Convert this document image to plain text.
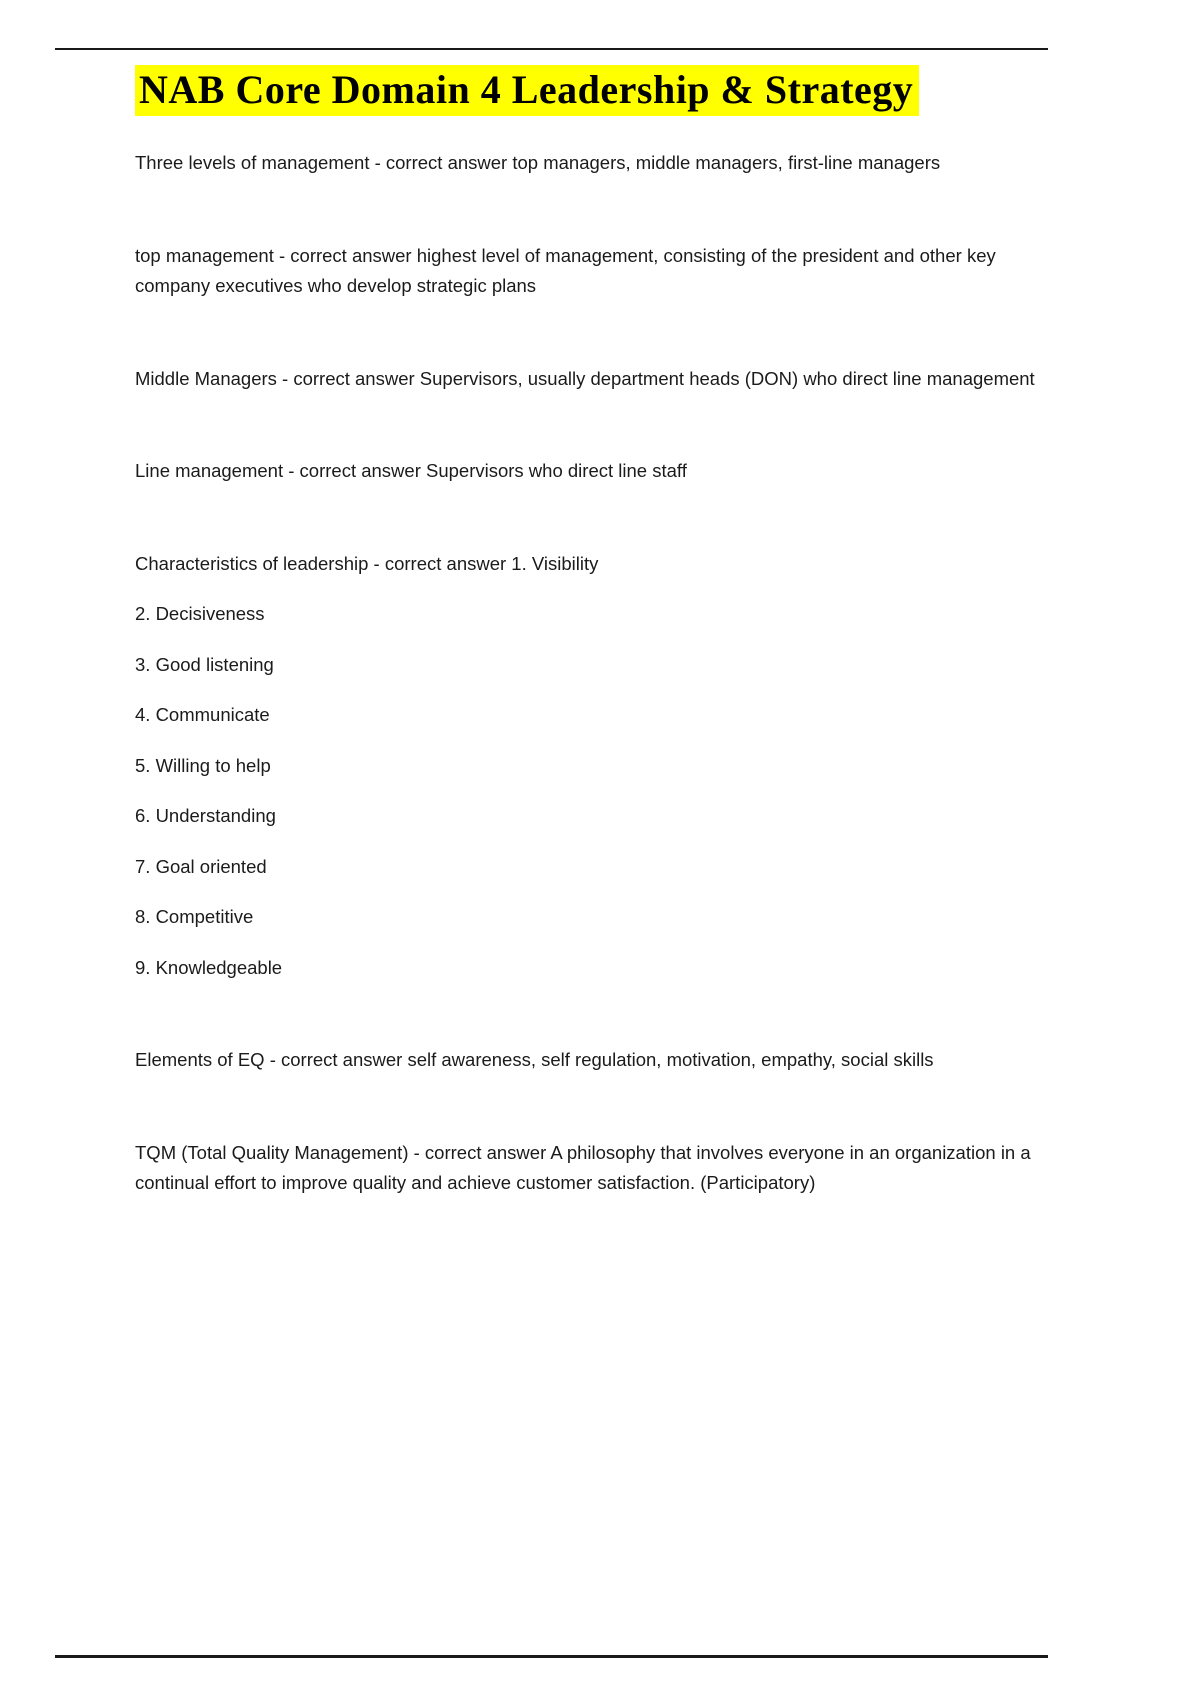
NAB Core Domain 4 Leadership & Strategy

Three levels of management - correct answer top managers, middle managers, first-line managers

top management - correct answer highest level of management, consisting of the president and other key company executives who develop strategic plans

Middle Managers - correct answer Supervisors, usually department heads (DON) who direct line management

Line management - correct answer Supervisors who direct line staff

Characteristics of leadership - correct answer 1. Visibility

2. Decisiveness

3. Good listening

4. Communicate

5. Willing to help

6. Understanding

7. Goal oriented

8. Competitive

9. Knowledgeable

Elements of EQ - correct answer self awareness, self regulation, motivation, empathy, social skills

TQM (Total Quality Management) - correct answer A philosophy that involves everyone in an organization in a continual effort to improve quality and achieve customer satisfaction. (Participatory)
